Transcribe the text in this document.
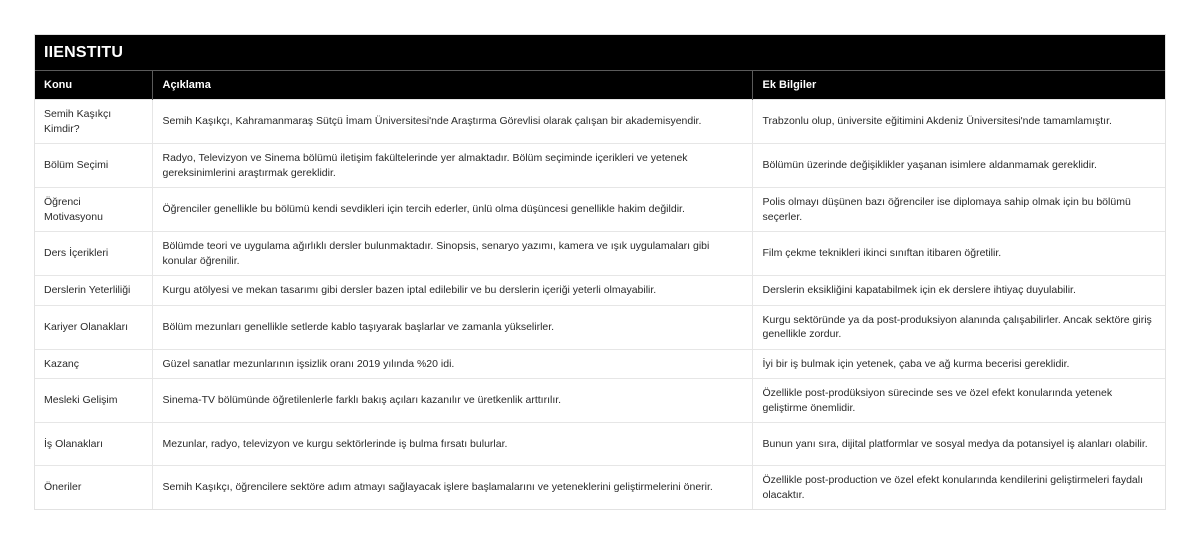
IIENSTITU
Konu	Açıklama	Ek Bilgiler
Semih Kaşıkçı Kimdir?	Semih Kaşıkçı, Kahramanmaraş Sütçü İmam Üniversitesi'nde Araştırma Görevlisi olarak çalışan bir akademisyendir.	Trabzonlu olup, üniversite eğitimini Akdeniz Üniversitesi'nde tamamlamıştır.
Bölüm Seçimi	Radyo, Televizyon ve Sinema bölümü iletişim fakültelerinde yer almaktadır. Bölüm seçiminde içerikleri ve yetenek gereksinimlerini araştırmak gereklidir.	Bölümün üzerinde değişiklikler yaşanan isimlere aldanmamak gereklidir.
Öğrenci Motivasyonu	Öğrenciler genellikle bu bölümü kendi sevdikleri için tercih ederler, ünlü olma düşüncesi genellikle hakim değildir.	Polis olmayı düşünen bazı öğrenciler ise diplomaya sahip olmak için bu bölümü seçerler.
Ders İçerikleri	Bölümde teori ve uygulama ağırlıklı dersler bulunmaktadır. Sinopsis, senaryo yazımı, kamera ve ışık uygulamaları gibi konular öğrenilir.	Film çekme teknikleri ikinci sınıftan itibaren öğretilir.
Derslerin Yeterliliği	Kurgu atölyesi ve mekan tasarımı gibi dersler bazen iptal edilebilir ve bu derslerin içeriği yeterli olmayabilir.	Derslerin eksikliğini kapatabilmek için ek derslere ihtiyaç duyulabilir.
Kariyer Olanakları	Bölüm mezunları genellikle setlerde kablo taşıyarak başlarlar ve zamanla yükselirler.	Kurgu sektöründe ya da post-produksiyon alanında çalışabilirler. Ancak sektöre giriş genellikle zordur.
Kazanç	Güzel sanatlar mezunlarının işsizlik oranı 2019 yılında %20 idi.	İyi bir iş bulmak için yetenek, çaba ve ağ kurma becerisi gereklidir.
Mesleki Gelişim	Sinema-TV bölümünde öğretilenlerle farklı bakış açıları kazanılır ve üretkenlik arttırılır.	Özellikle post-prodüksiyon sürecinde ses ve özel efekt konularında yetenek geliştirme önemlidir.
İş Olanakları	Mezunlar, radyo, televizyon ve kurgu sektörlerinde iş bulma fırsatı bulurlar.	Bunun yanı sıra, dijital platformlar ve sosyal medya da potansiyel iş alanları olabilir.
Öneriler	Semih Kaşıkçı, öğrencilere sektöre adım atmayı sağlayacak işlere başlamalarını ve yeteneklerini geliştirmelerini önerir.	Özellikle post-production ve özel efekt konularında kendilerini geliştirmeleri faydalı olacaktır.
